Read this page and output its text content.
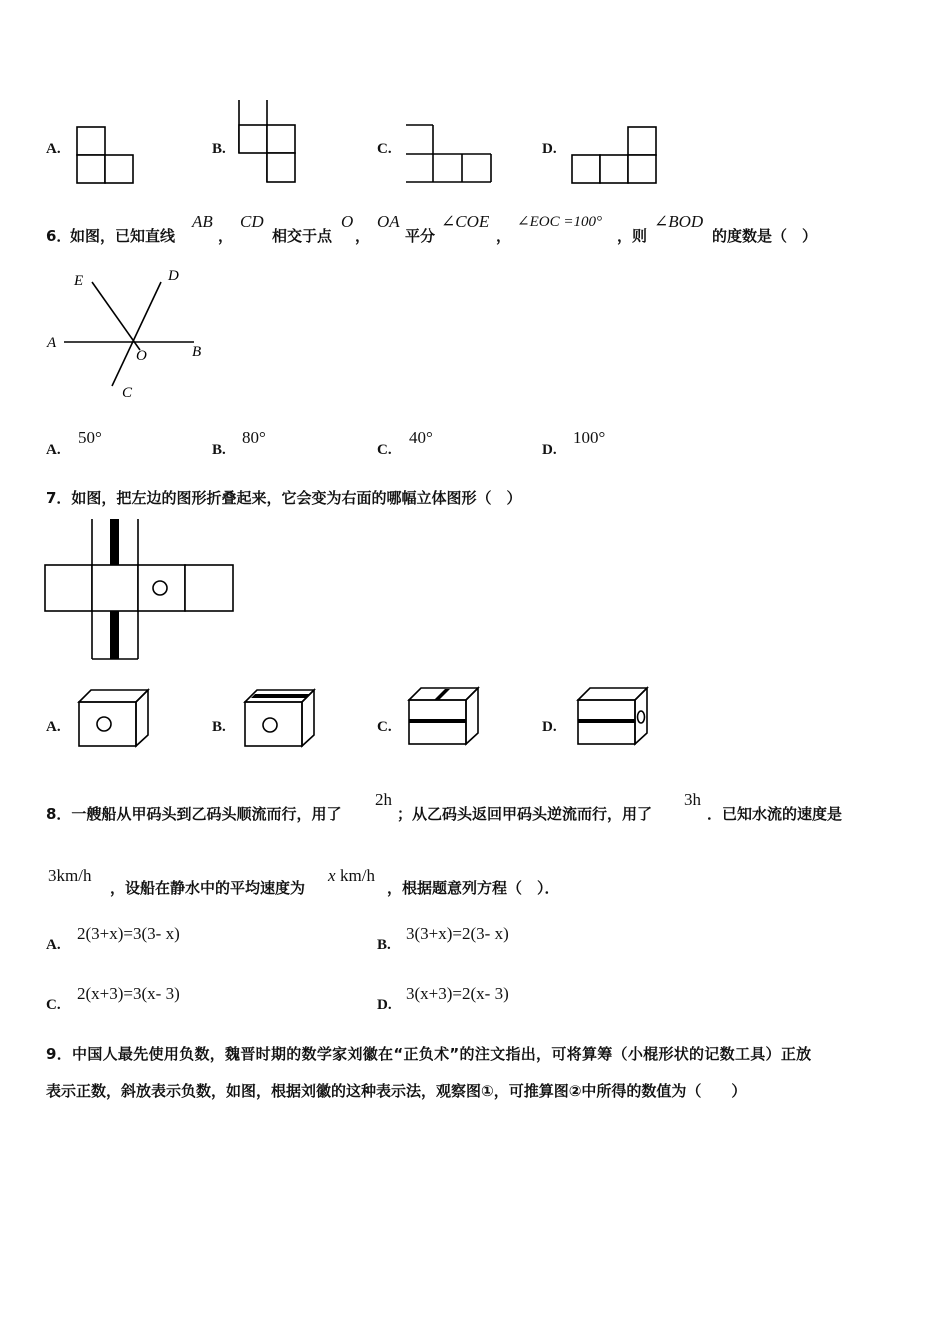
A.	B.	C.	D.
6．
如图，已知直线
AB
，
CD
相交于点
O
，
OA
平分
∠COE
，
∠EOC =100°
，则
∠BOD
的度数是（　）
E	D
A
O	B
C
A.
50°
B.
80°
C.
40°
D.
100°
7．如图，把左边的图形折叠起来，它会变为右面的哪幅立体图形（　）
A.	B.	C.	D.
8．一艘船从甲码头到乙码头顺流而行，用了
2h
；从乙码头返回甲码头逆流而行，用了
3h
．已知水流的速度是
3km/h
，设船在静水中的平均速度为
x km/h
，根据题意列方程（　）．
A.
2(3+x)=3(3- x)
B.
3(3+x)=2(3- x)
C.
2(x+3)=3(x- 3)
D.
3(x+3)=2(x- 3)
9．中国人最先使用负数，魏晋时期的数学家刘徽在“正负术”的注文指出，可将算筹（小棍形状的记数工具）正放
表示正数，斜放表示负数，如图，根据刘徽的这种表示法，观察图①，可推算图②中所得的数值为（　　）
